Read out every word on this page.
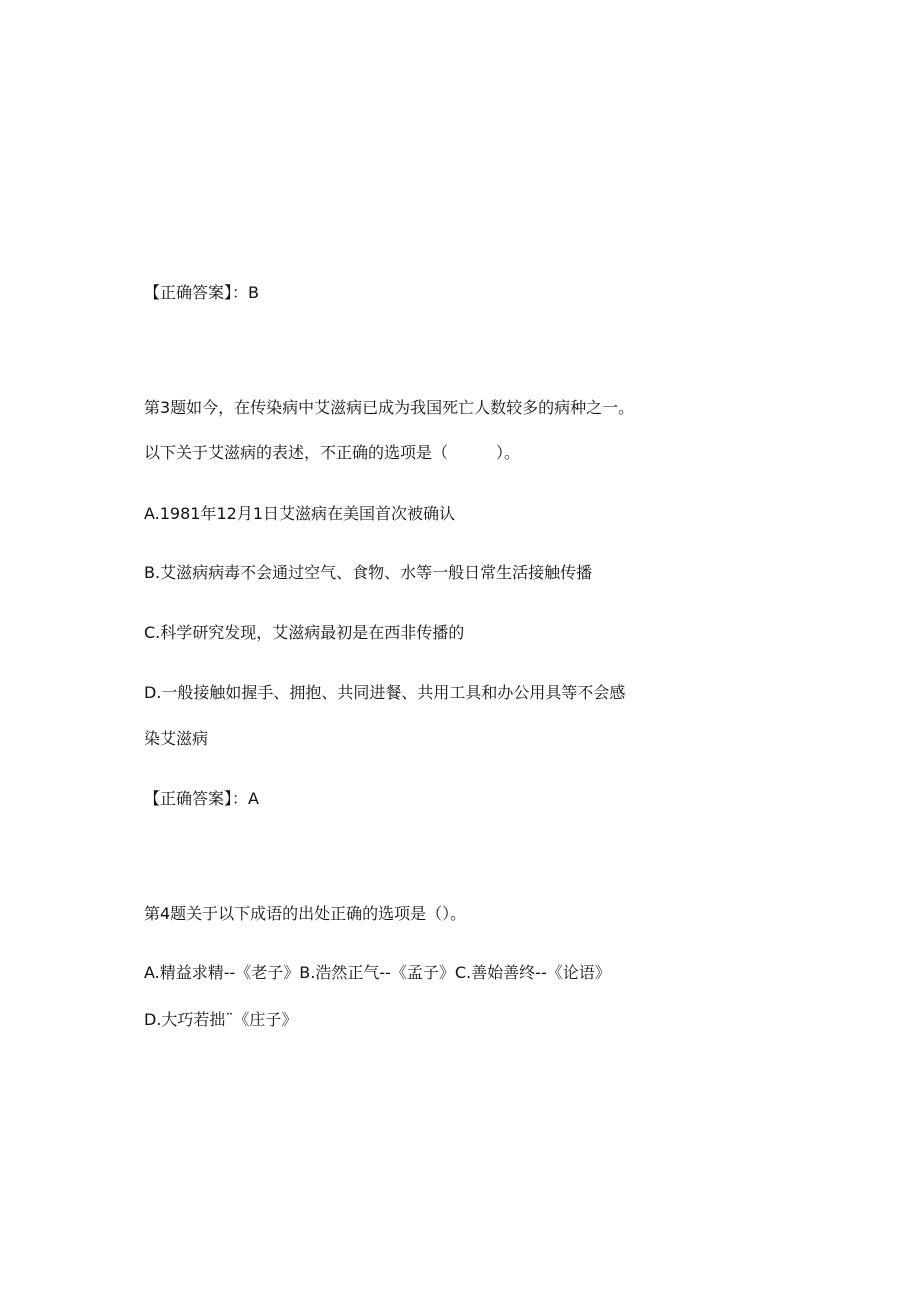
【正确答案】：B
第3题如今，在传染病中艾滋病已成为我国死亡人数较多的病种之一。
以下关于艾滋病的表述，不正确的选项是（　　　）。
A.1981年12月1日艾滋病在美国首次被确认
B.艾滋病病毒不会通过空气、食物、水等一般日常生活接触传播
C.科学研究发现，艾滋病最初是在西非传播的
D.一般接触如握手、拥抱、共同进餐、共用工具和办公用具等不会感
染艾滋病
【正确答案】：A
第4题关于以下成语的出处正确的选项是（）。
A.精益求精--《老子》B.浩然正气--《孟子》C.善始善终--《论语》
D.大巧若拙¨《庄子》
